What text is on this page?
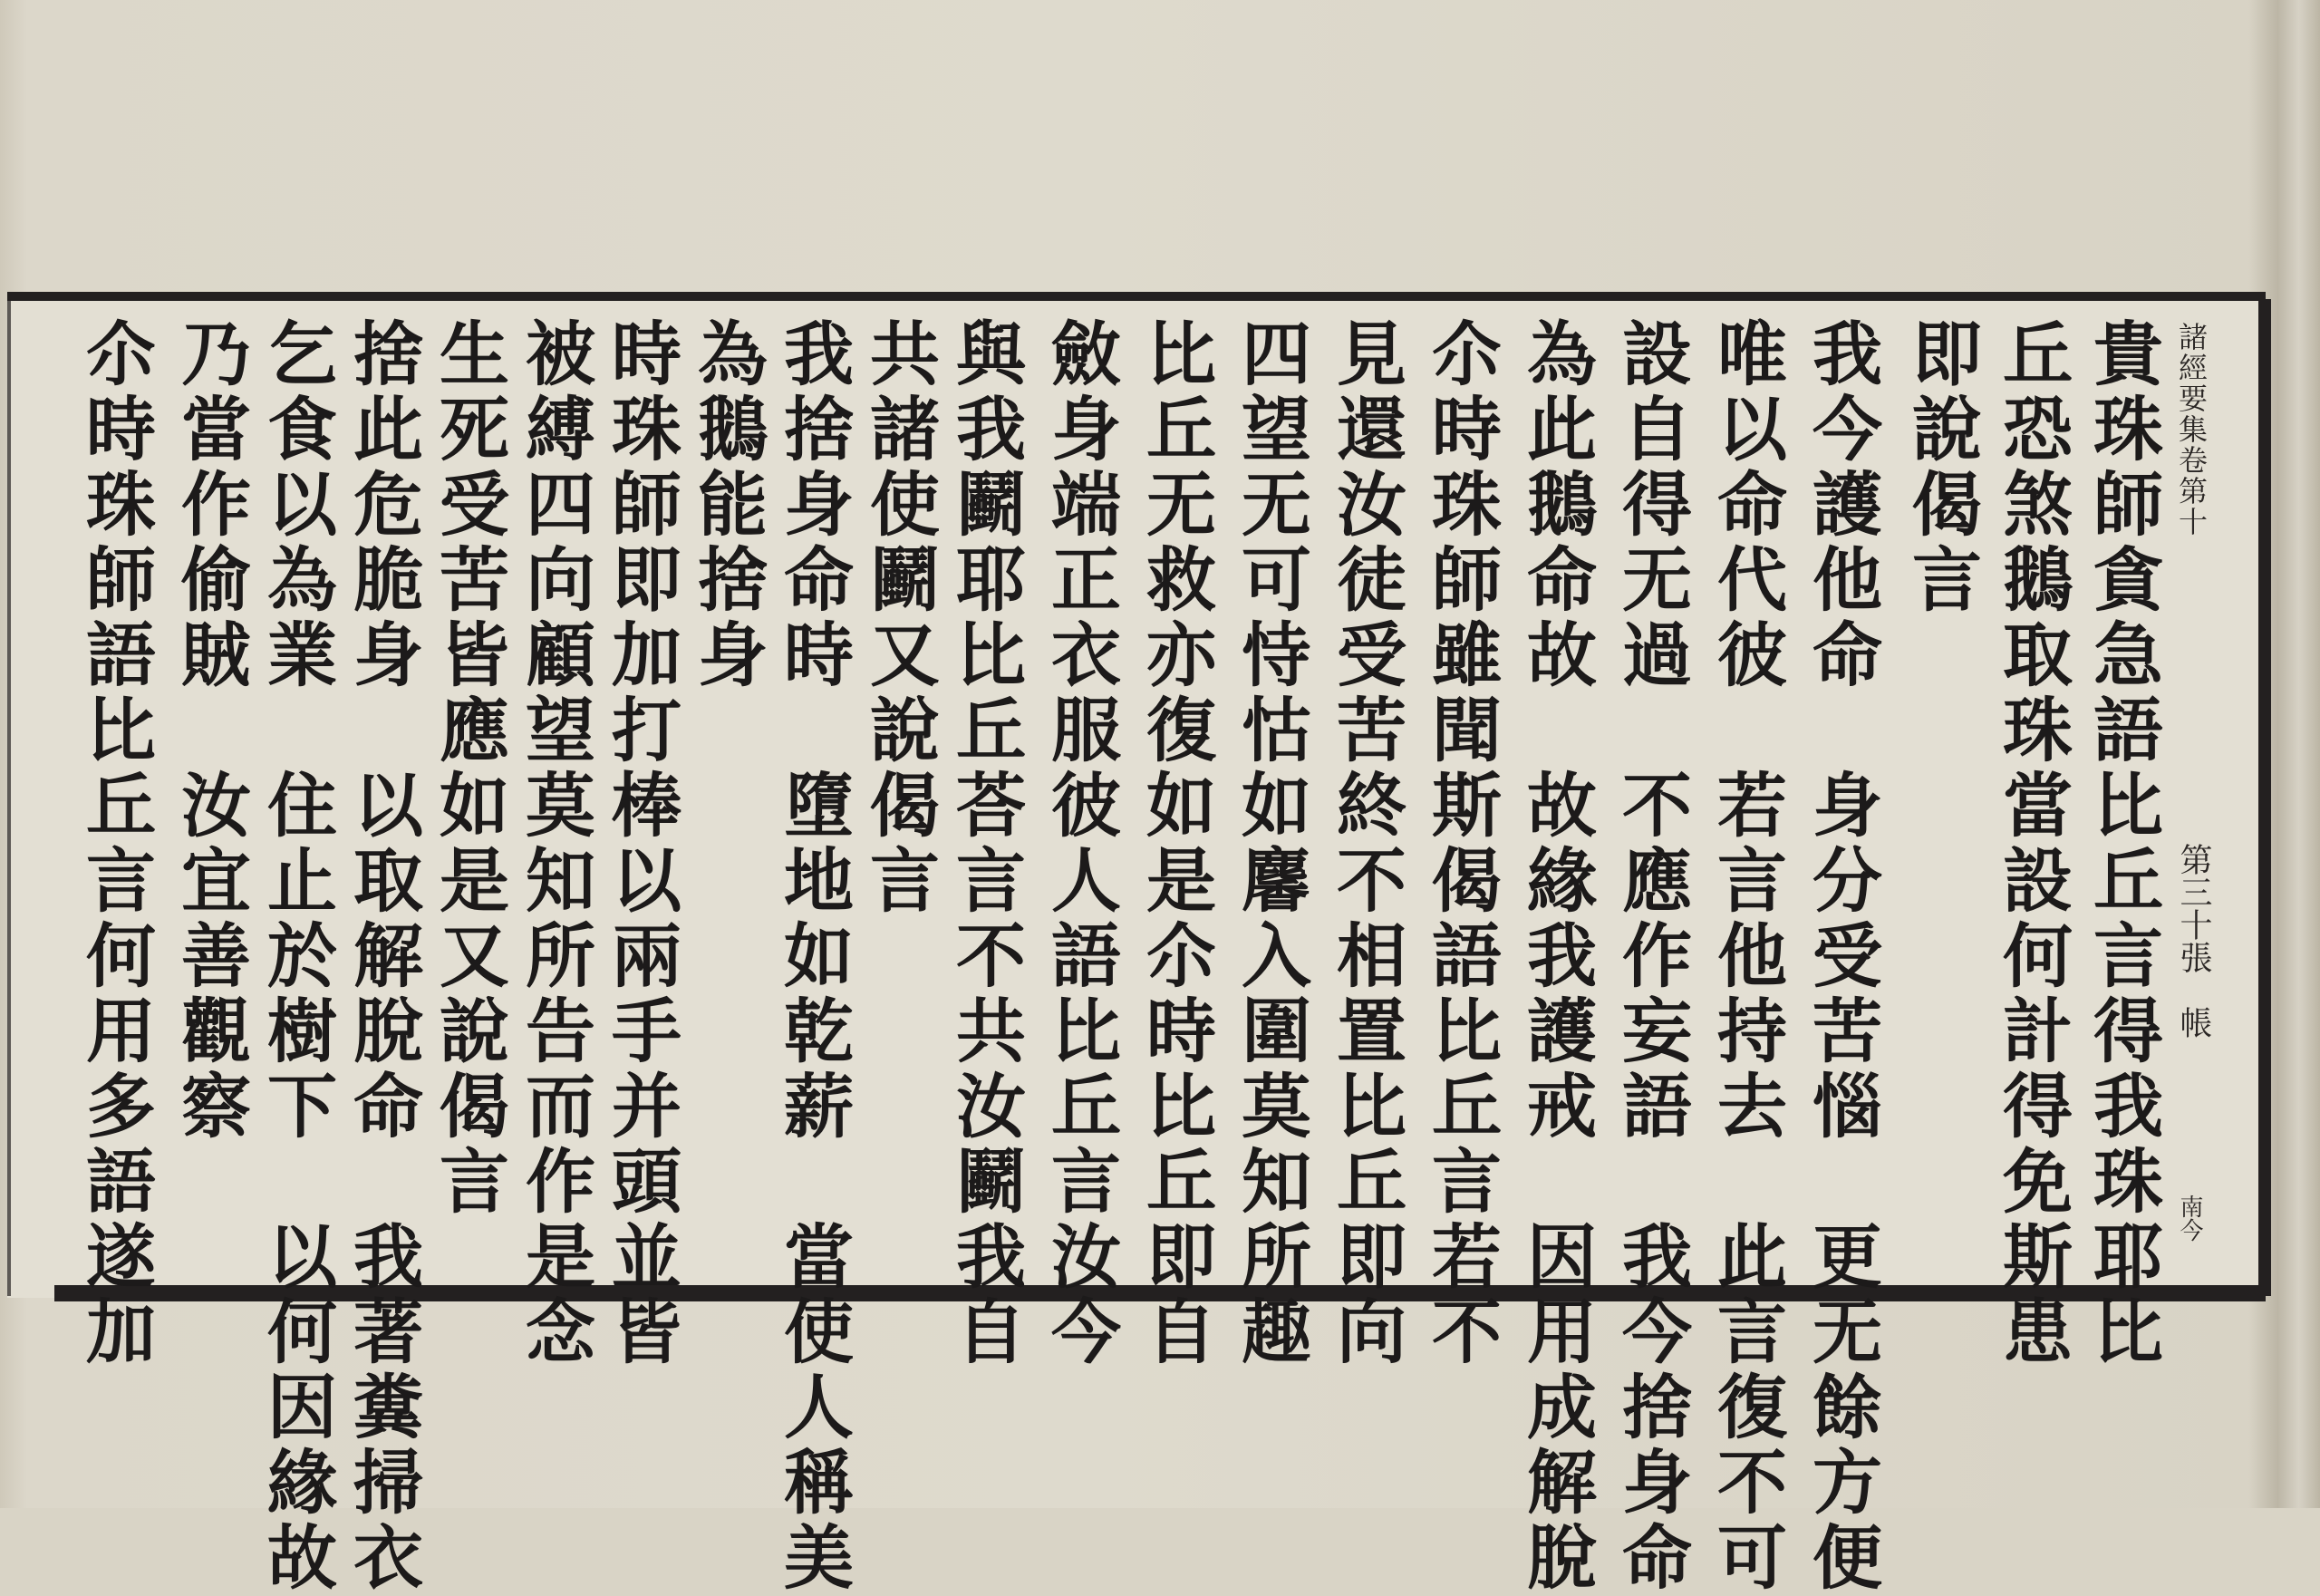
諸經要集卷第十
第三十張　帳
南今
貴珠師貪急語比丘言得我珠耶比
丘恐煞鵝取珠當設何計得免斯患
即說偈言
我今護他命　身分受苦惱　更无餘方便
唯以命代彼　若言他持去　此言復不可
設自得无過　不應作妄語　我今捨身命
為此鵝命故　故緣我護戒　因用成解脫
尒時珠師雖聞斯偈語比丘言若不
見還汝徒受苦終不相置比丘即向
四望无可恃怙如麘入圍莫知所趣
比丘无救亦復如是尒時比丘即自
斂身端正衣服彼人語比丘言汝今
與我鬬耶比丘荅言不共汝鬬我自
共諸使鬬又說偈言
我捨身命時　墮地如乾薪　當使人稱美
為鵝能捨身
時珠師即加打棒以兩手并頭並皆
被縛四向顧望莫知所告而作是念
生死受苦皆應如是又說偈言
捨此危脆身　以取解脫命　我著糞掃衣
乞食以為業　住止於樹下　以何因緣故
乃當作偷賊　汝宜善觀察
尒時珠師語比丘言何用多語遂加
